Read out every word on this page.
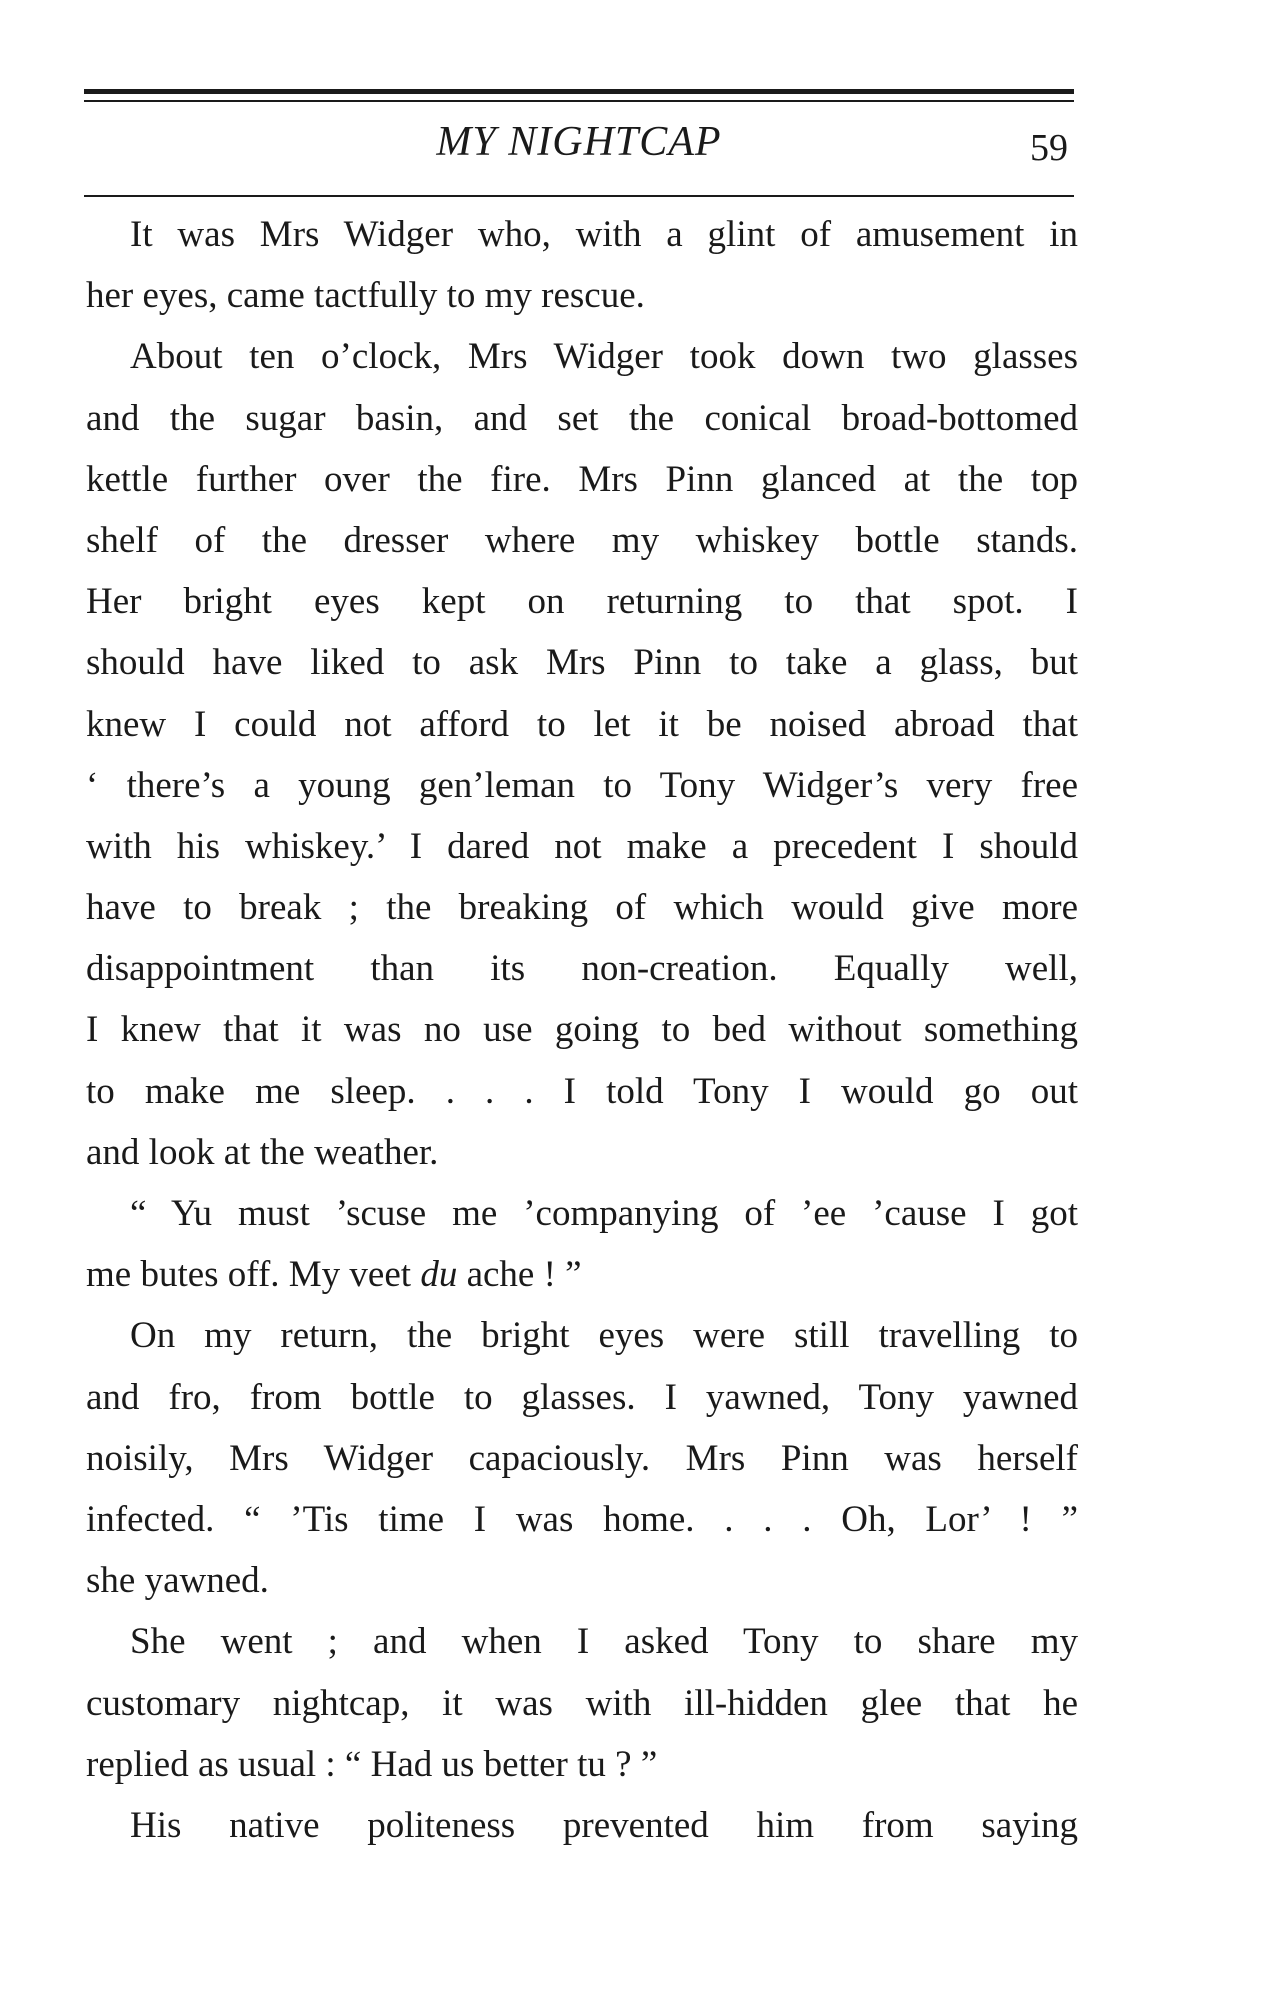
MY NIGHTCAP	59
It was Mrs Widger who, with a glint of amusement in
her eyes, came tactfully to my rescue.
About ten o’clock, Mrs Widger took down two glasses
and the sugar basin, and set the conical broad-bottomed
kettle further over the fire. Mrs Pinn glanced at the top
shelf of the dresser where my whiskey bottle stands.
Her bright eyes kept on returning to that spot. I
should have liked to ask Mrs Pinn to take a glass, but
knew I could not afford to let it be noised abroad that
‘ there’s a young gen’leman to Tony Widger’s very free
with his whiskey.’ I dared not make a precedent I should
have to break ; the breaking of which would give more
disappointment than its non-creation. Equally well,
I knew that it was no use going to bed without something
to make me sleep. . . . I told Tony I would go out
and look at the weather.
“ Yu must ’scuse me ’companying of ’ee ’cause I got
me butes off. My veet du ache ! ”
On my return, the bright eyes were still travelling to
and fro, from bottle to glasses. I yawned, Tony yawned
noisily, Mrs Widger capaciously. Mrs Pinn was herself
infected. “ ’Tis time I was home. . . . Oh, Lor’ ! ”
she yawned.
She went ; and when I asked Tony to share my
customary nightcap, it was with ill-hidden glee that he
replied as usual : “ Had us better tu ? ”
His native politeness prevented him from saying
